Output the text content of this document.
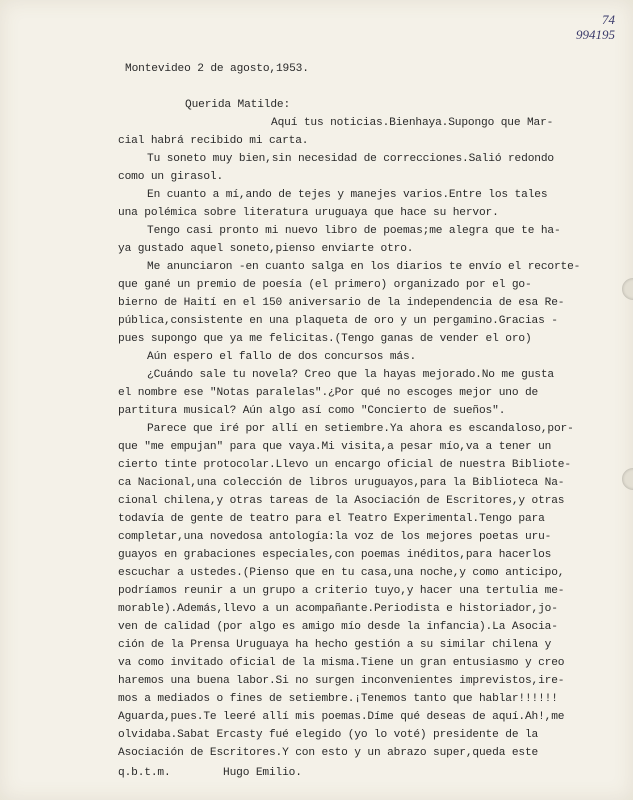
74
994195

Montevideo 2 de agosto,1953.

Querida Matilde:

Aquí tus noticias.Bienhaya.Supongo que Mar-

cial habrá recibido mi carta.

Tu soneto muy bien,sin necesidad de correcciones.Salió redondo

como un girasol.

En cuanto a mí,ando de tejes y manejes varios.Entre los tales

una polémica sobre literatura uruguaya que hace su hervor.

Tengo casi pronto mi nuevo libro de poemas;me alegra que te ha-

ya gustado aquel soneto,pienso enviarte otro.

Me anunciaron -en cuanto salga en los diarios te envío el recorte-

que gané un premio de poesía (el primero) organizado por el go-

bierno de Haití en el 150 aniversario de la independencia de esa Re-

pública,consistente en una plaqueta de oro y un pergamino.Gracias -

pues supongo que ya me felicitas.(Tengo ganas de vender el oro)

Aún espero el fallo de dos concursos más.

¿Cuándo sale tu novela? Creo que la hayas mejorado.No me gusta

el nombre ese "Notas paralelas".¿Por qué no escoges mejor uno de

partitura musical? Aún algo así como "Concierto de sueños".

Parece que iré por allí en setiembre.Ya ahora es escandaloso,por-

que "me empujan" para que vaya.Mi visita,a pesar mío,va a tener un

cierto tinte protocolar.Llevo un encargo oficial de nuestra Bibliote-

ca Nacional,una colección de libros uruguayos,para la Biblioteca Na-

cional chilena,y otras tareas de la Asociación de Escritores,y otras

todavía de gente de teatro para el Teatro Experimental.Tengo para

completar,una novedosa antología:la voz de los mejores poetas uru-

guayos en grabaciones especiales,con poemas inéditos,para hacerlos

escuchar a ustedes.(Pienso que en tu casa,una noche,y como anticipo,

podríamos reunir a un grupo a criterio tuyo,y hacer una tertulia me-

morable).Además,llevo a un acompañante.Periodista e historiador,jo-

ven de calidad (por algo es amigo mío desde la infancia).La Asocia-

ción de la Prensa Uruguaya ha hecho gestión a su similar chilena y

va como invitado oficial de la misma.Tiene un gran entusiasmo y creo

haremos una buena labor.Si no surgen inconvenientes imprevistos,ire-

mos a mediados o fines de setiembre.¡Tenemos tanto que hablar!!!!!!

Aguarda,pues.Te leeré allí mis poemas.Díme qué deseas de aquí.Ah!,me

olvidaba.Sabat Ercasty fué elegido (yo lo voté) presidente de la

Asociación de Escritores.Y con esto y un abrazo super,queda este

q.b.t.m.        Hugo Emilio.
